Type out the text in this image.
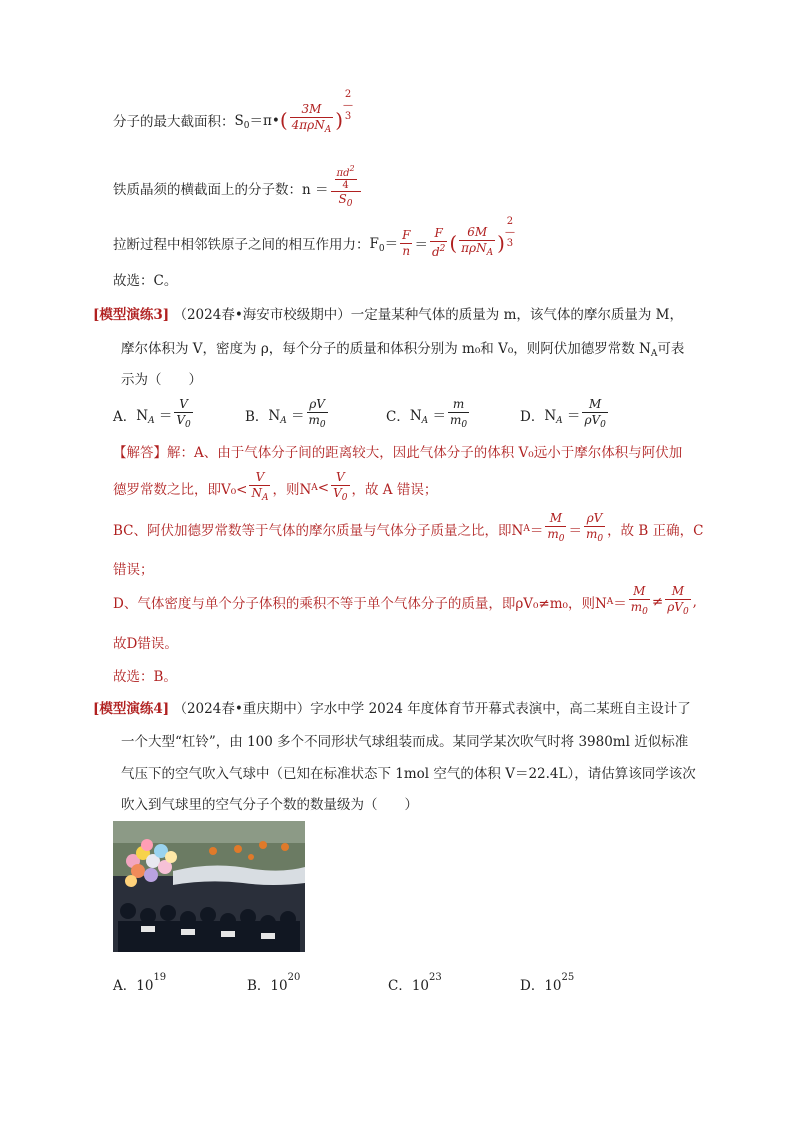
分子的最大截面积： $S_0=\pi•$ ( $\frac{3M}{4\pi\rho N_A}$ )
2
—
3
铁质晶须的横截面上的分子数： $n = \frac{\frac{\pi d^2}{4}}{S_0}$
拉断过程中相邻铁原子之间的相互作用力： $F_0= \frac{F}{n} = \frac{F}{d^2}$ ( $\frac{6M}{\pi\rho N_A}$ )
2
—
3
故选：C。
[模型演练3] （2024春•海安市校级期中）一定量某种气体的质量为 m，该气体的摩尔质量为 M，
摩尔体积为 V，密度为 ρ，每个分子的质量和体积分别为 m₀和 V₀，则阿伏加德罗常数 $N_A$可表
示为（　　）
A． $N_A = \frac{V}{V_0}$	B． $N_A = \frac{\rho V}{m_0}$	C． $N_A = \frac{m}{m_0}$	D． $N_A = \frac{M}{\rho V_0}$
【解答】解：A、由于气体分子间的距离较大，因此气体分子的体积 V₀远小于摩尔体积与阿伏加
德罗常数之比，即$V_0< \frac{V}{N_A}$ ，则N $A < \frac{V}{V_0}$ ，故 A 错误；
BC、阿伏加德罗常数等于气体的摩尔质量与气体分子质量之比，即N $A = \frac{M}{m_0} = \frac{\rho V}{m_0}$ ，故 B 正确，C
错误；
D、气体密度与单个分子体积的乘积不等于单个气体分子的质量，即ρV₀≠m₀，则N $A = \frac{M}{m_0} \ne \frac{M}{\rho V_0}$ ,
故D错误。
故选：B。
[模型演练4] （2024春•重庆期中）字水中学 2024 年度体育节开幕式表演中，高二某班自主设计了
一个大型“杠铃”，由 100 多个不同形状气球组装而成。某同学某次吹气时将 3980ml 近似标准
气压下的空气吹入气球中（已知在标准状态下 1mol 空气的体积 V＝22.4L），请估算该同学该次
吹入到气球里的空气分子个数的数量级为（　　）
A．$10^{19}$
B．$10^{20}$
C．$10^{23}$
D．$10^{25}$
